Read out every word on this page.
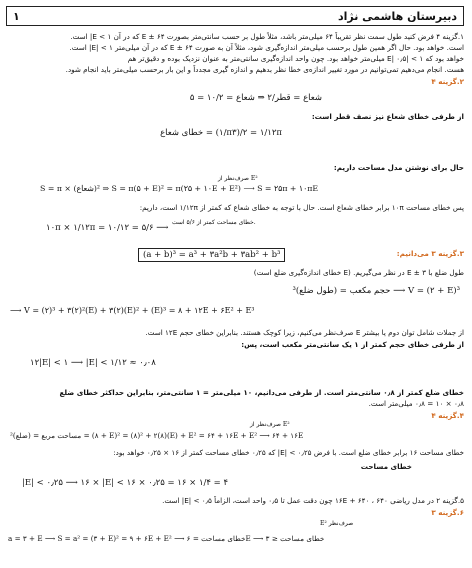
۱	دبیرستان هاشمی نژاد
۱.گزینه ۴ فرض کنید طول سمت نظر تقریباً ۶۴ میلی‌متر باشد، مثلاً طول بر حسب سانتی‌متر بصورت E ± ۶۴ که در آن ۱ > E| است.
است. خواهد بود. حال اگر همین طول برحسب میلی‌متر اندازه‌گیری شود، مثلاً آن به صورت E ± ۶۴ که در آن میلی‌متر ۱ > |E| است.
خواهد بود که ۱ > |E| ۰٫۵ میلی‌متر خواهد بود. چون واحد اندازه‌گیری سانتی‌متر به عنوان نزدیک بوده و دقیق‌تر هم
هست. انجام می‌دهیم تمی‌توانیم در مورد تغییر اندازه‌ی خطا نظر بدهیم و اندازه گیری مجدداً و این بار برحسب میلی‌متر باید انجام شود.
۲.گزینه ۴
شعاع = قطر/۲ ⇒ شعاع = ۱۰/۲ = ۵
از طرفی خطای شعاع نیز نصف قطر است:
خطای شعاع = (۱/π۳)/۲ = ۱/۱۲π
حال برای نوشتن مدل مساحت داریم:
صرف‌نظر از E²
S = π × (شعاع)² ⇒ S = π(۵ + E)² = π(۲۵ + ۱۰E + E²) ⟶ S = ۲۵π + ۱۰πE
پس خطای مساحت ۱۰π برابر خطای شعاع است. حال با توجه به خطای شعاع که کمتر از ۱/۱۲π است، داریم:
۱۰π × ۱/۱۲π = ۱۰/۱۲ = ۵/۶ ⟶
خطای مساحت کمتر از ۵/۶ است.
۳.گزینه ۳ می‌دانیم:
(a + b)³ = a³ + ۳a²b + ۳ab² + b³
طول ضلع با ۳ ± E در نظر می‌گیریم. (E خطای اندازه‌گیری ضلع است)
حجم مکعب = (طول ضلع)³ ⟶ V = (۲ + E)³
⟶ V = (۲)³ + ۳(۲)²(E) + ۳(۲)(E)² + (E)³ = ۸ + ۱۲E + ۶E² + E³
از جملات شامل توان دوم یا بیشتر E صرف‌نظر می‌کنیم، زیرا کوچک هستند. بنابراین خطای حجم ۱۲E است.
از طرفی خطای حجم کمتر از ۱ یک سانتی‌متر مکعب است، پس:
۱۲|E| < ۱ ⟶ |E| < ۱/۱۲ ≈ ۰٫۰۸
خطای ضلع کمتر از ۰٫۸ سانتی‌متر است. از طرفی می‌دانیم، ۱۰ میلی‌متر = ۱ سانتی‌متر، بنابراین حداکثر خطای ضلع
۰٫۸ × ۱۰ = ۰٫۸ میلی‌متر است.
۴.گزینه ۴
صرف‌نظر از E²
مساحت مربع = (ضلع)² = (۸ + E)² = (۸)² + ۲(۸)(E) + E² = ۶۴ + ۱۶E + E² ⟶ ۶۴ + ۱۶E
خطای مساحت ۱۶ برابر خطای ضلع است. با فرض ۰٫۲۵ > |E| که ۰٫۲۵ خطای مساحت کمتر از ۱۶ × ۰٫۲۵ خواهد بود:
خطای مساحت
|E| < ۰٫۲۵ ⟶ ۱۶ × |E| < ۱۶ × ۰٫۲۵ = ۱۶ × ۱/۴ = ۴
۵.گزینه ۲ در مدل ریاضی ۱۶E + ۶۴۰ ، ۶۴۰ چون دقت عمل تا ۰٫۵ واحد است، الزاماً ۰٫۵ > |E| است.
۶.گزینه ۳
E² صرف‌نظر
a = ۳ + E ⟶ S = a² = (۳ + E)² = ۹ + ۶E + E² ⟶ خطای مساحت = ۶E ⟶ خطای مساحت ≤ ۳
